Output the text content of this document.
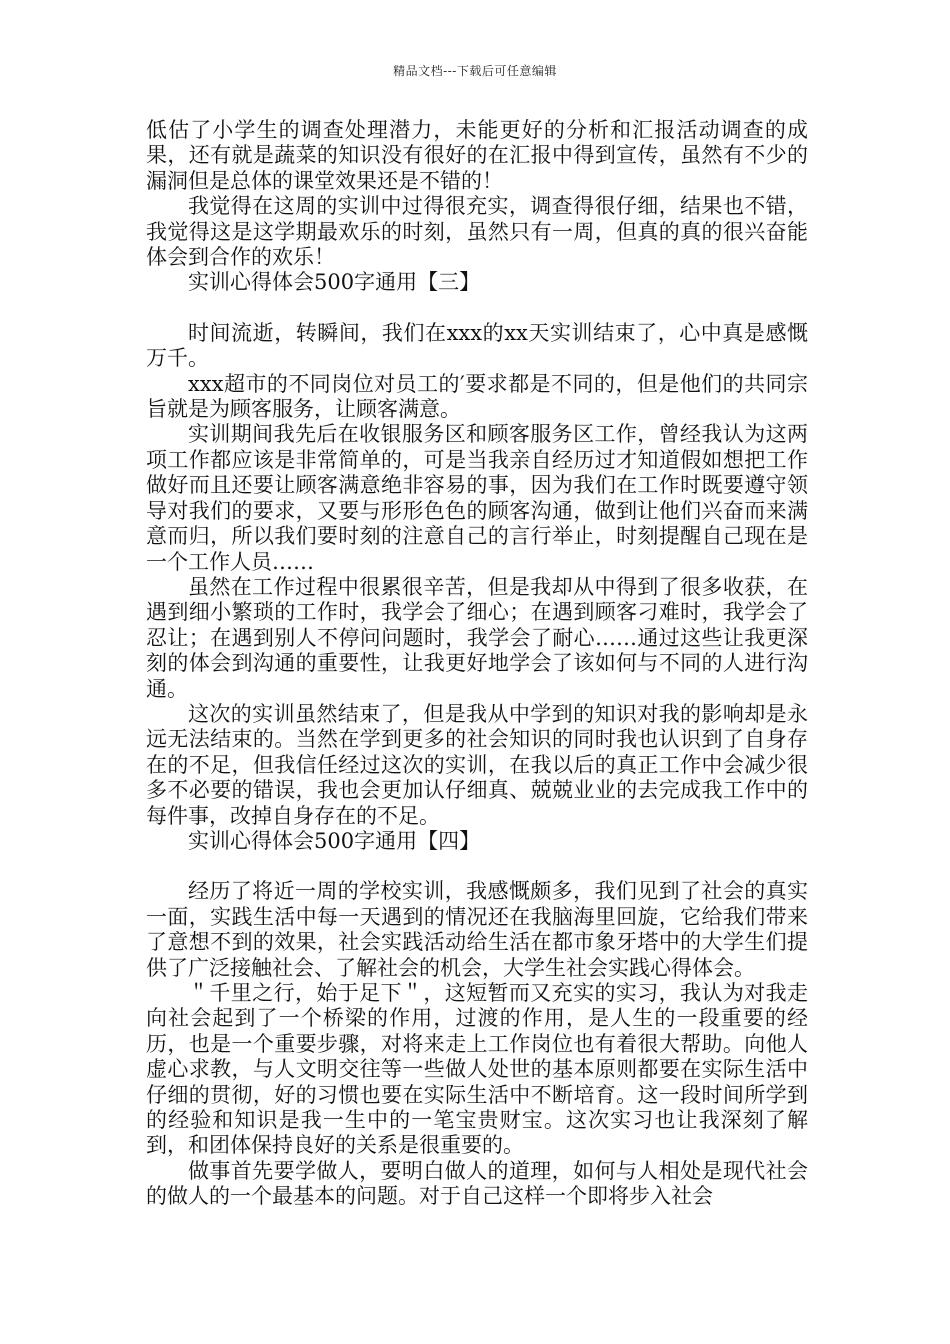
精品文档---下载后可任意编辑

低估了小学生的调查处理潜力，未能更好的分析和汇报活动调查的成果，还有就是蔬菜的知识没有很好的在汇报中得到宣传，虽然有不少的漏洞但是总体的课堂效果还是不错的！

我觉得在这周的实训中过得很充实，调查得很仔细，结果也不错，我觉得这是这学期最欢乐的时刻，虽然只有一周，但真的真的很兴奋能体会到合作的欢乐！

实训心得体会500字通用【三】

时间流逝，转瞬间，我们在xxx的xx天实训结束了，心中真是感慨万千。

xxx超市的不同岗位对员工的′要求都是不同的，但是他们的共同宗旨就是为顾客服务，让顾客满意。

实训期间我先后在收银服务区和顾客服务区工作，曾经我认为这两项工作都应该是非常简单的，可是当我亲自经历过才知道假如想把工作做好而且还要让顾客满意绝非容易的事，因为我们在工作时既要遵守领导对我们的要求，又要与形形色色的顾客沟通，做到让他们兴奋而来满意而归，所以我们要时刻的注意自己的言行举止，时刻提醒自己现在是一个工作人员……

虽然在工作过程中很累很辛苦，但是我却从中得到了很多收获，在遇到细小繁琐的工作时，我学会了细心；在遇到顾客刁难时，我学会了忍让；在遇到别人不停问问题时，我学会了耐心……通过这些让我更深刻的体会到沟通的重要性，让我更好地学会了该如何与不同的人进行沟通。

这次的实训虽然结束了，但是我从中学到的知识对我的影响却是永远无法结束的。当然在学到更多的社会知识的同时我也认识到了自身存在的不足，但我信任经过这次的实训，在我以后的真正工作中会减少很多不必要的错误，我也会更加认仔细真、兢兢业业的去完成我工作中的每件事，改掉自身存在的不足。

实训心得体会500字通用【四】

经历了将近一周的学校实训，我感慨颇多，我们见到了社会的真实一面，实践生活中每一天遇到的情况还在我脑海里回旋，它给我们带来了意想不到的效果，社会实践活动给生活在都市象牙塔中的大学生们提供了广泛接触社会、了解社会的机会，大学生社会实践心得体会。

＂千里之行，始于足下＂，这短暂而又充实的实习，我认为对我走向社会起到了一个桥梁的作用，过渡的作用，是人生的一段重要的经历，也是一个重要步骤，对将来走上工作岗位也有着很大帮助。向他人虚心求教，与人文明交往等一些做人处世的基本原则都要在实际生活中仔细的贯彻，好的习惯也要在实际生活中不断培育。这一段时间所学到的经验和知识是我一生中的一笔宝贵财宝。这次实习也让我深刻了解到，和团体保持良好的关系是很重要的。

做事首先要学做人，要明白做人的道理，如何与人相处是现代社会的做人的一个最基本的问题。对于自己这样一个即将步入社会
